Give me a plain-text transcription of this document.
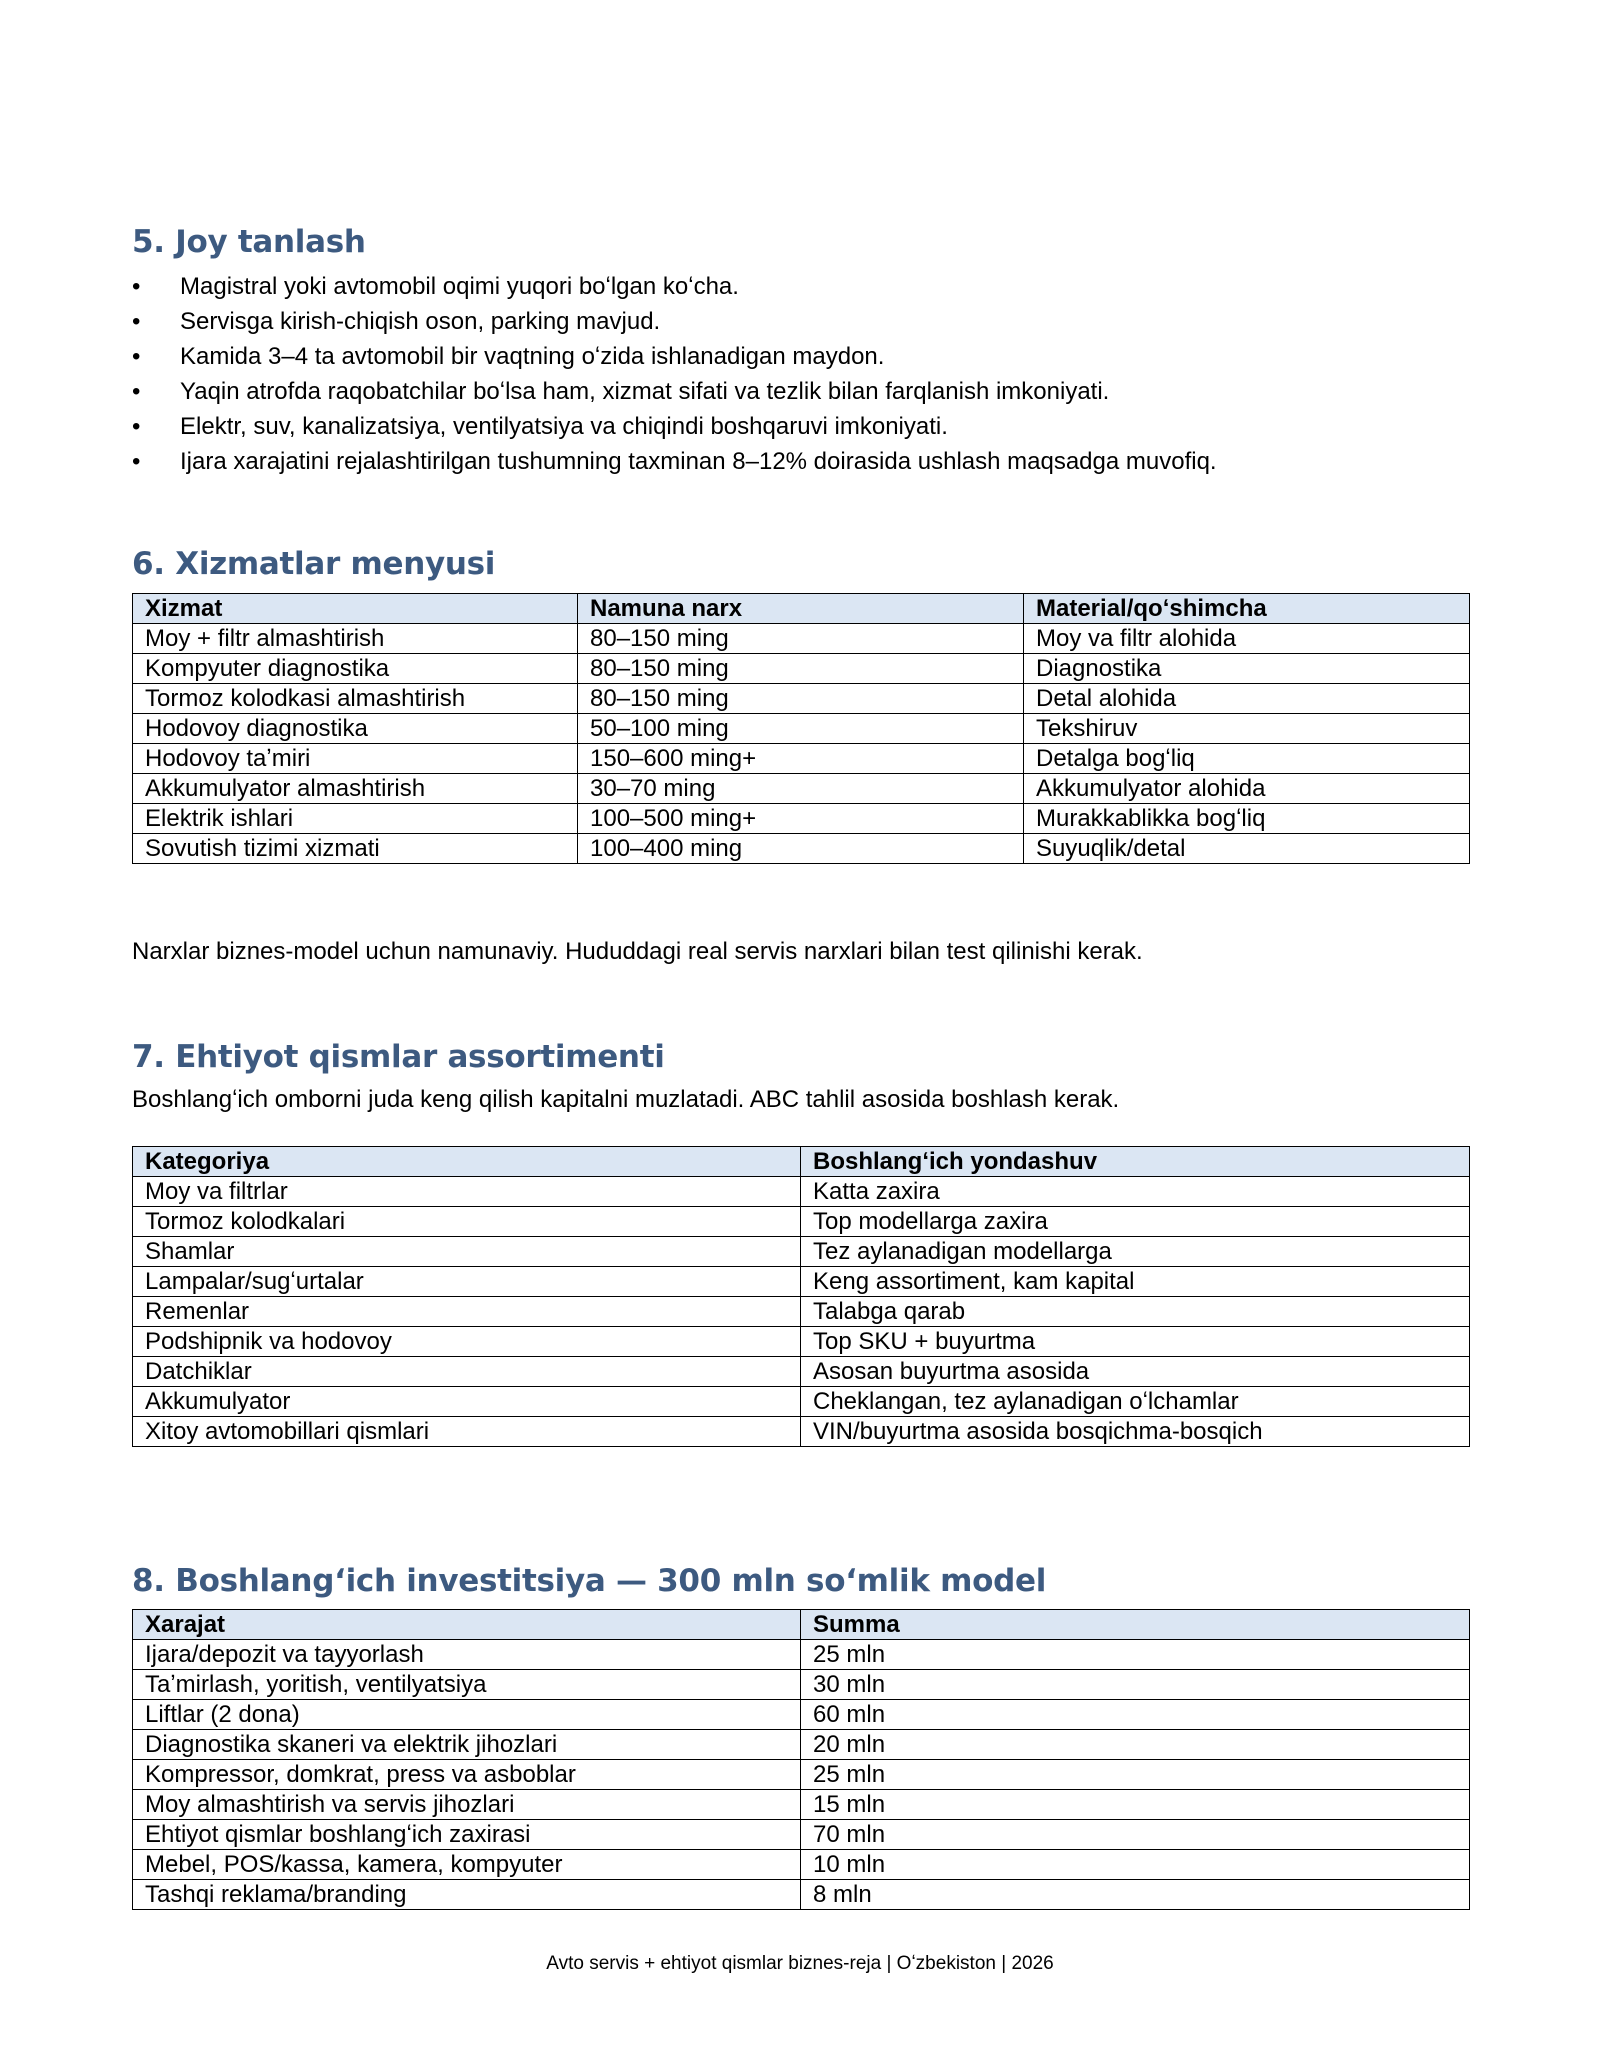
5. Joy tanlash
• Magistral yoki avtomobil oqimi yuqori boʻlgan koʻcha.
• Servisga kirish-chiqish oson, parking mavjud.
• Kamida 3–4 ta avtomobil bir vaqtning oʻzida ishlanadigan maydon.
• Yaqin atrofda raqobatchilar boʻlsa ham, xizmat sifati va tezlik bilan farqlanish imkoniyati.
• Elektr, suv, kanalizatsiya, ventilyatsiya va chiqindi boshqaruvi imkoniyati.
• Ijara xarajatini rejalashtirilgan tushumning taxminan 8–12% doirasida ushlash maqsadga muvofiq.
6. Xizmatlar menyusi
Xizmat	Namuna narx	Material/qoʻshimcha
Moy + filtr almashtirish	80–150 ming	Moy va filtr alohida
Kompyuter diagnostika	80–150 ming	Diagnostika
Tormoz kolodkasi almashtirish	80–150 ming	Detal alohida
Hodovoy diagnostika	50–100 ming	Tekshiruv
Hodovoy taʼmiri	150–600 ming+	Detalga bogʻliq
Akkumulyator almashtirish	30–70 ming	Akkumulyator alohida
Elektrik ishlari	100–500 ming+	Murakkablikka bogʻliq
Sovutish tizimi xizmati	100–400 ming	Suyuqlik/detal

Narxlar biznes-model uchun namunaviy. Hududdagi real servis narxlari bilan test qilinishi kerak.

7. Ehtiyot qismlar assortimenti

Boshlangʻich omborni juda keng qilish kapitalni muzlatadi. ABC tahlil asosida boshlash kerak.

Kategoriya	Boshlangʻich yondashuv
Moy va filtrlar	Katta zaxira
Tormoz kolodkalari	Top modellarga zaxira
Shamlar	Tez aylanadigan modellarga
Lampalar/sugʻurtalar	Keng assortiment, kam kapital
Remenlar	Talabga qarab
Podshipnik va hodovoy	Top SKU + buyurtma
Datchiklar	Asosan buyurtma asosida
Akkumulyator	Cheklangan, tez aylanadigan oʻlchamlar
Xitoy avtomobillari qismlari	VIN/buyurtma asosida bosqichma-bosqich
8. Boshlangʻich investitsiya — 300 mln soʻmlik model
Xarajat	Summa
Ijara/depozit va tayyorlash	25 mln
Taʼmirlash, yoritish, ventilyatsiya	30 mln
Liftlar (2 dona)	60 mln
Diagnostika skaneri va elektrik jihozlari	20 mln
Kompressor, domkrat, press va asboblar	25 mln
Moy almashtirish va servis jihozlari	15 mln
Ehtiyot qismlar boshlangʻich zaxirasi	70 mln
Mebel, POS/kassa, kamera, kompyuter	10 mln
Tashqi reklama/branding	8 mln
Avto servis + ehtiyot qismlar biznes-reja | Oʻzbekiston | 2026
